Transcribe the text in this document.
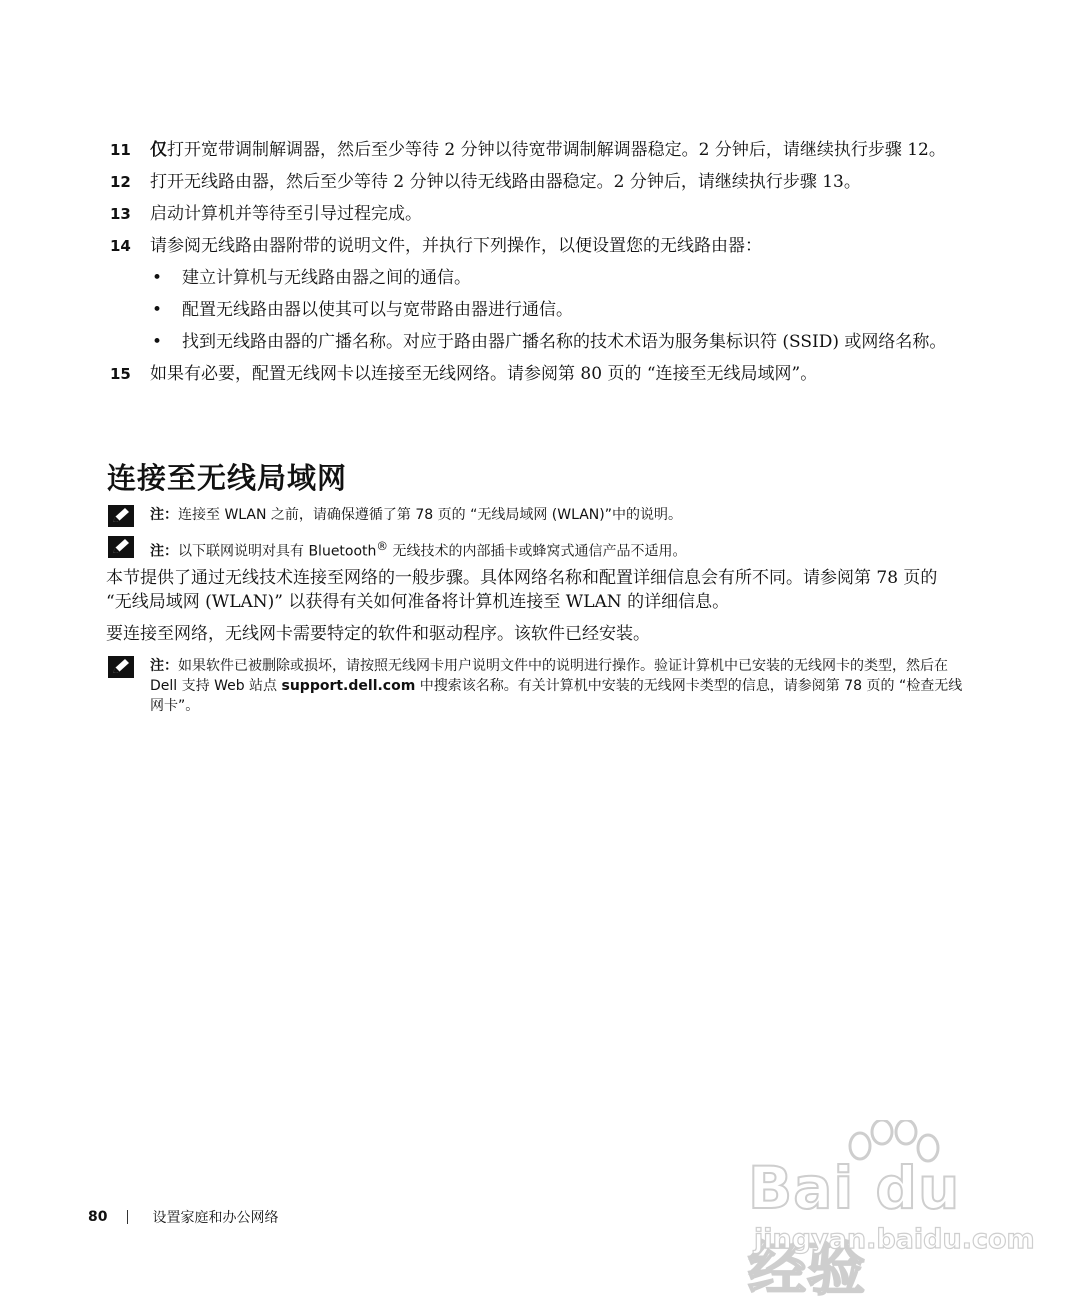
11 仅打开宽带调制解调器，然后至少等待 2 分钟以待宽带调制解调器稳定。2 分钟后，请继续执行步骤 12。
12 打开无线路由器，然后至少等待 2 分钟以待无线路由器稳定。2 分钟后，请继续执行步骤 13。
13 启动计算机并等待至引导过程完成。
14 请参阅无线路由器附带的说明文件，并执行下列操作，以便设置您的无线路由器：
• 建立计算机与无线路由器之间的通信。
• 配置无线路由器以使其可以与宽带路由器进行通信。
• 找到无线路由器的广播名称。对应于路由器广播名称的技术术语为服务集标识符 (SSID) 或网络名称。
15 如果有必要，配置无线网卡以连接至无线网络。请参阅第 80 页的 “连接至无线局域网”。
连接至无线局域网
注：连接至 WLAN 之前，请确保遵循了第 78 页的 “无线局域网 (WLAN)”中的说明。
注：以下联网说明对具有 Bluetooth® 无线技术的内部插卡或蜂窝式通信产品不适用。

本节提供了通过无线技术连接至网络的一般步骤。具体网络名称和配置详细信息会有所不同。请参阅第 78 页的 “无线局域网 (WLAN)” 以获得有关如何准备将计算机连接至 WLAN 的详细信息。

要连接至网络，无线网卡需要特定的软件和驱动程序。该软件已经安装。

注：如果软件已被删除或损坏，请按照无线网卡用户说明文件中的说明进行操作。验证计算机中已安装的无线网卡的类型，然后在 Dell 支持 Web 站点 support.dell.com 中搜索该名称。有关计算机中安装的无线网卡类型的信息，请参阅第 78 页的 “检查无线网卡”。
80	设置家庭和办公网络	Bai du 经验
jingyan.baidu.com
